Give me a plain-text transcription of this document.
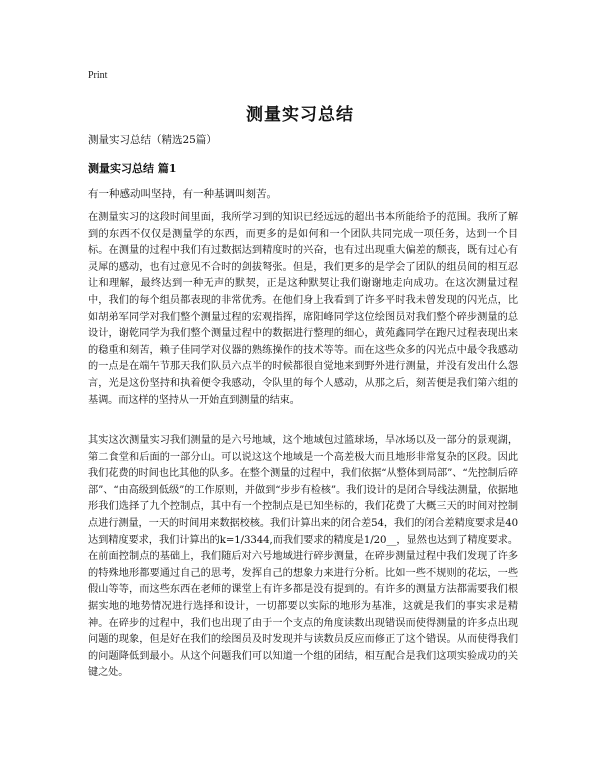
Print
测量实习总结
测量实习总结（精选25篇）
测量实习总结 篇1
有一种感动叫坚持，有一种基调叫刻苦。
在测量实习的这段时间里面，我所学习到的知识已经远远的超出书本所能给予的范围。我所了解到的东西不仅仅是测量学的东西，而更多的是如何和一个团队共同完成一项任务，达到一个目标。在测量的过程中我们有过数据达到精度时的兴奋，也有过出现重大偏差的颓丧，既有过心有灵犀的感动，也有过意见不合时的剑拔弩张。但是，我们更多的是学会了团队的组员间的相互忍让和理解，最终达到一种无声的默契，正是这种默契让我们谢谢地走向成功。在这次测量过程中，我们的每个组员都表现的非常优秀。在他们身上我看到了许多平时我未曾发现的闪光点，比如胡弟军同学对我们整个测量过程的宏观指挥，席阳峰同学这位绘图员对我们整个碎步测量的总设计，谢乾同学为我们整个测量过程中的数据进行整理的细心，黄苑鑫同学在跑尺过程表现出来的稳重和刻苦，赖子佳同学对仪器的熟练操作的技术等等。而在这些众多的闪光点中最令我感动的一点是在端午节那天我们队员六点半的时候都很自觉地来到野外进行测量，并没有发出什么怨言，光是这份坚持和执着便令我感动，令队里的每个人感动，从那之后，刻苦便是我们第六组的基调。而这样的坚持从一开始直到测量的结束。
其实这次测量实习我们测量的是六号地域，这个地域包过篮球场，旱冰场以及一部分的景观湖，第二食堂和后面的一部分山。可以说这这个地域是一个高差极大而且地形非常复杂的区段。因此我们花费的时间也比其他的队多。在整个测量的过程中，我们依据“从整体到局部”、“先控制后碎部”、“由高级到低级”的工作原则，并做到“步步有检核”。我们设计的是闭合导线法测量，依据地形我们选择了九个控制点，其中有一个控制点是已知坐标的，我们花费了大概三天的时间对控制点进行测量，一天的时间用来数据校核。我们计算出来的闭合差54，我们的闭合差精度要求是40达到精度要求，我们计算出的k=1/3344,而我们要求的精度是1/20__，显然也达到了精度要求。在前面控制点的基础上，我们随后对六号地域进行碎步测量，在碎步测量过程中我们发现了许多的特殊地形都要通过自己的思考，发挥自己的想象力来进行分析。比如一些不规则的花坛，一些假山等等，而这些东西在老师的课堂上有许多都是没有提到的。有许多的测量方法都需要我们根据实地的地势情况进行选择和设计，一切都要以实际的地形为基准，这就是我们的事实求是精神。在碎步的过程中，我们也出现了由于一个支点的角度读数出现错误而使得测量的许多点出现问题的现象，但是好在我们的绘图员及时发现并与读数员反应而修正了这个错误。从而使得我们的问题降低到最小。从这个问题我们可以知道一个组的团结，相互配合是我们这项实验成功的关键之处。
